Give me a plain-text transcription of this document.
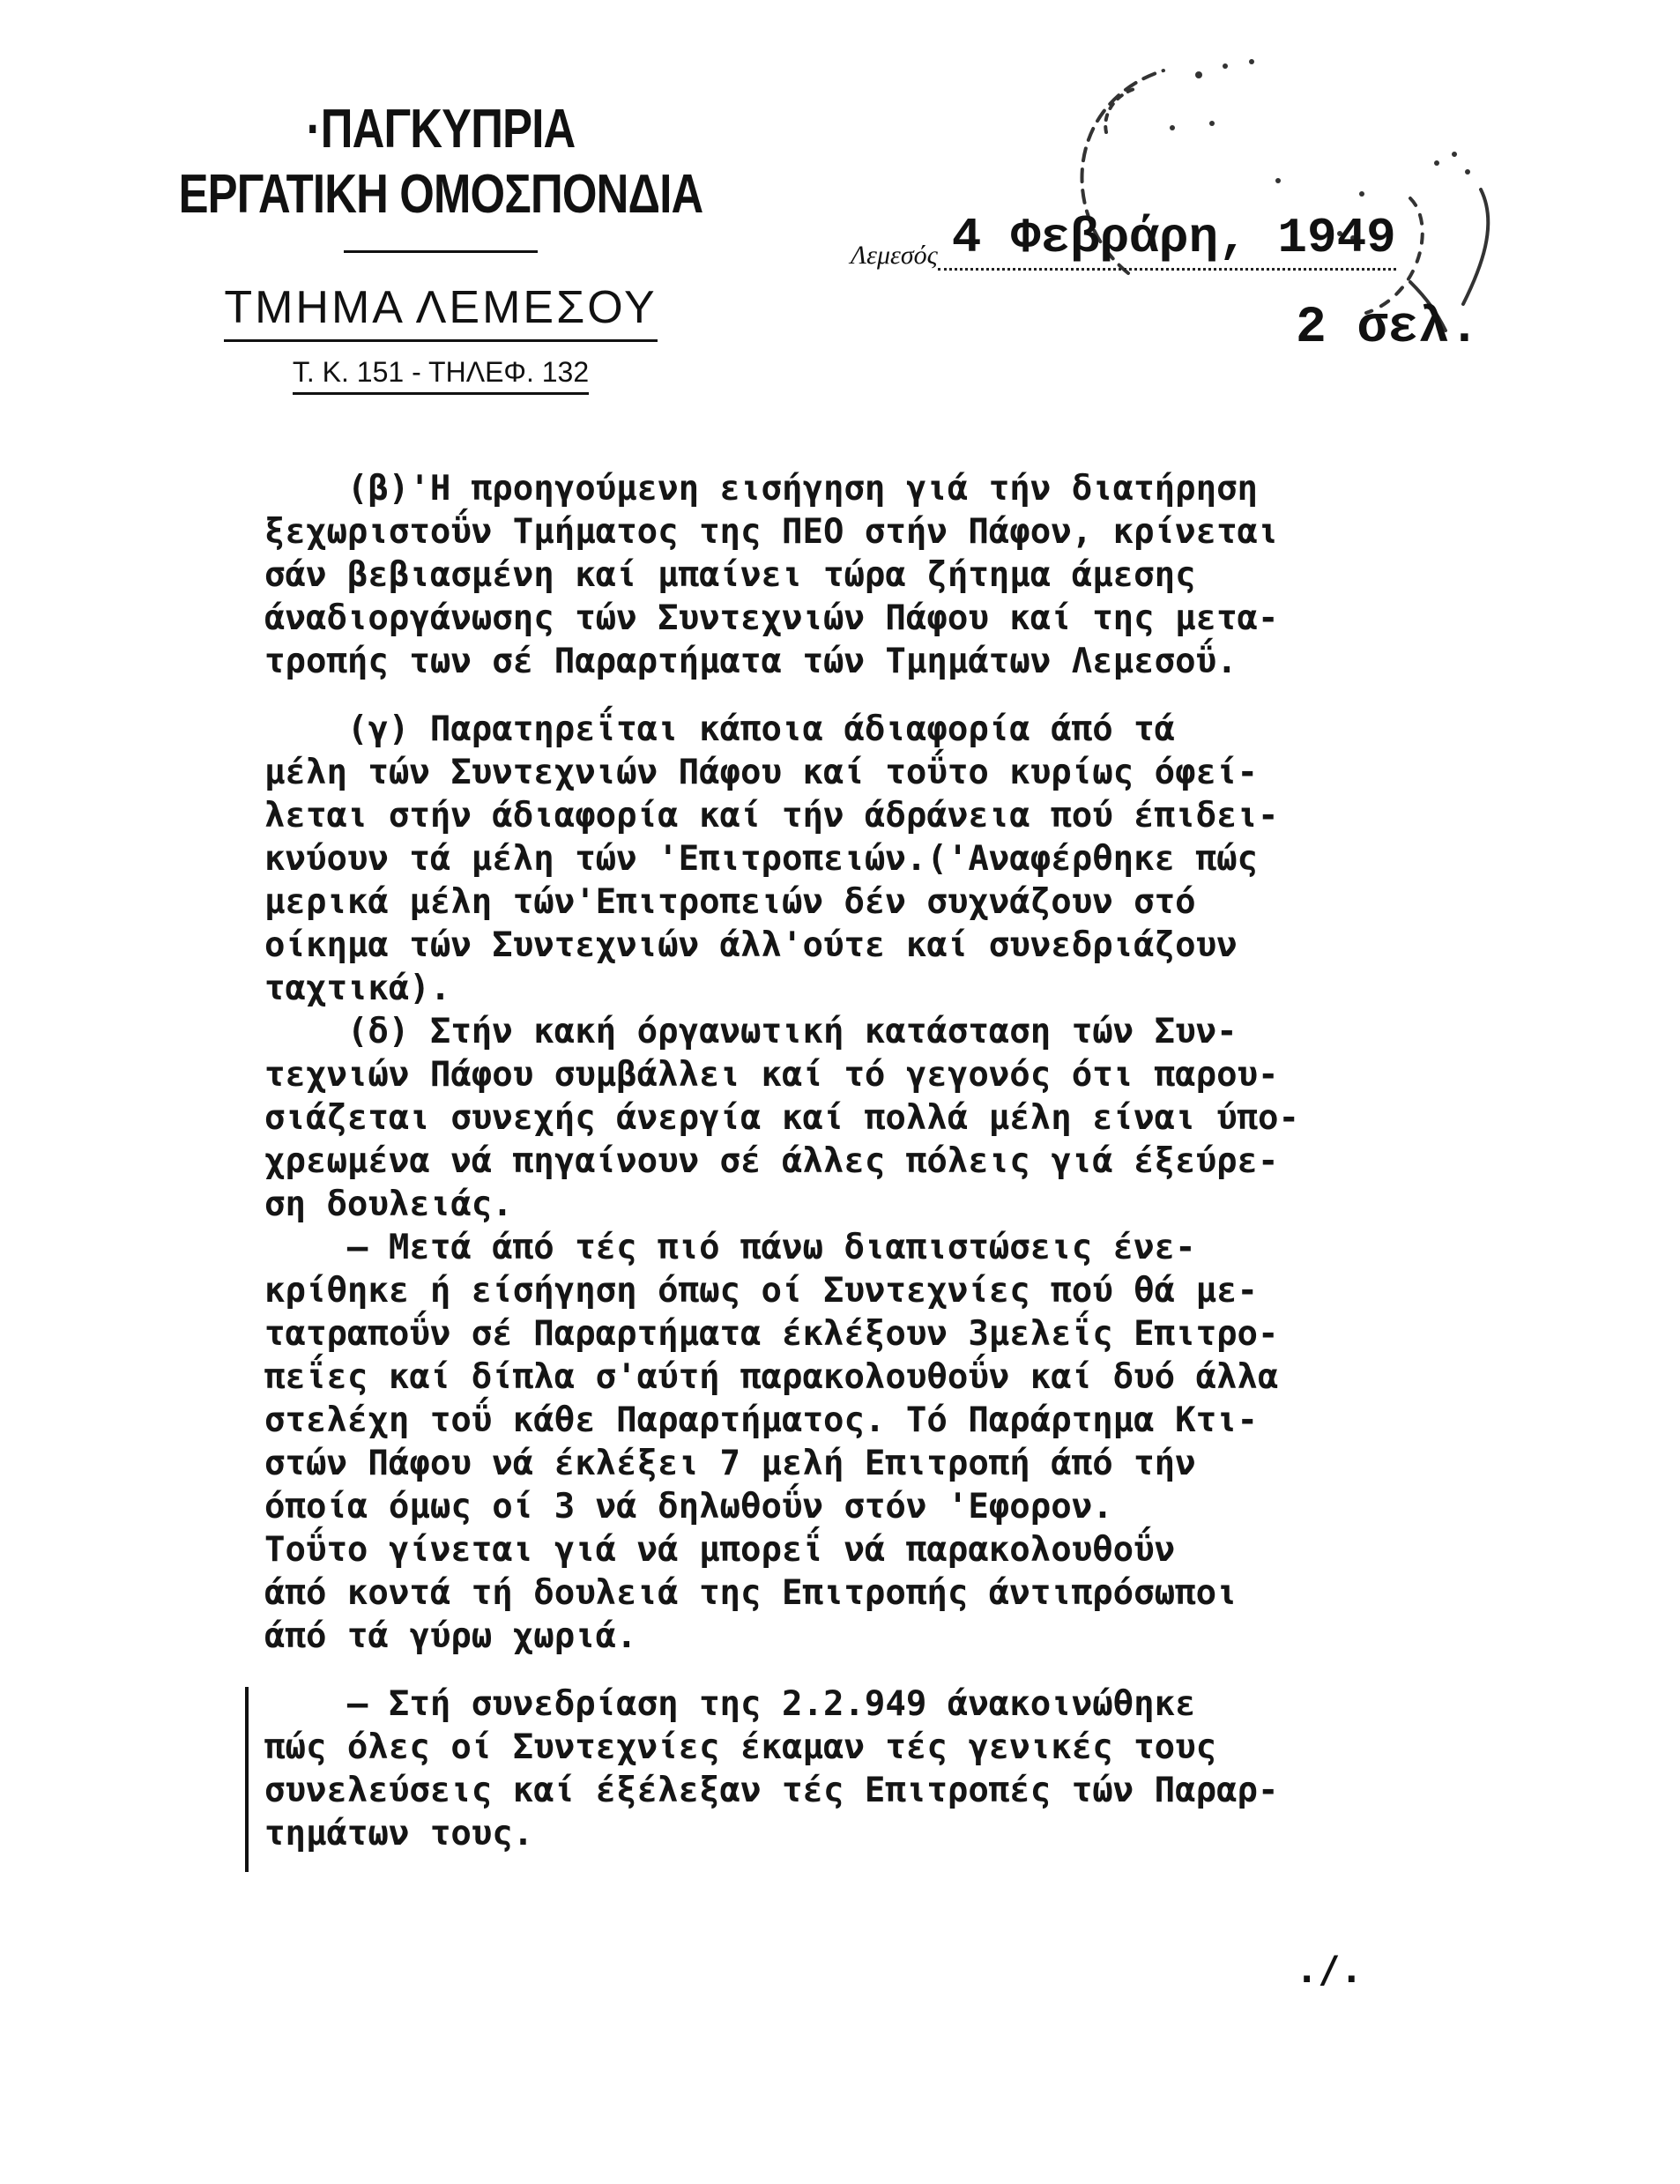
·ΠΑΓΚΥΠΡΙΑ
ΕΡΓΑΤΙΚΗ ΟΜΟΣΠΟΝΔΙΑ
ΤΜΗΜΑ ΛΕΜΕΣΟΥ
Τ. Κ. 151 - ΤΗΛΕΦ. 132
Λεμεσός 4 Φεβράρη, 1949
2 σελ.
(β)'Η προηγούμενη εισήγηση γιά τήν διατήρηση
ξεχωριστοΰν Τμήματος της ΠΕΟ στήν Πάφον, κρίνεται
σάν βεβιασμένη καί μπαίνει τώρα ζήτημα άμεσης
άναδιοργάνωσης τών Συντεχνιών Πάφου καί της μετα-
τροπής των σέ Παραρτήματα τών Τμημάτων Λεμεσοΰ.
(γ) Παρατηρεΐται κάποια άδιαφορία άπό τά
μέλη τών Συντεχνιών Πάφου καί τοΰτο κυρίως όφεί-
λεται στήν άδιαφορία καί τήν άδράνεια πού έπιδει-
κνύουν τά μέλη τών 'Επιτροπειών.('Αναφέρθηκε πώς
μερικά μέλη τών'Επιτροπειών δέν συχνάζουν στό
οίκημα τών Συντεχνιών άλλ'ούτε καί συνεδριάζουν
ταχτικά).
(δ) Στήν κακή όργανωτική κατάσταση τών Συν-
τεχνιών Πάφου συμβάλλει καί τό γεγονός ότι παρου-
σιάζεται συνεχής άνεργία καί πολλά μέλη είναι ύπο-
χρεωμένα νά πηγαίνουν σέ άλλες πόλεις γιά έξεύρε-
ση δουλειάς.
— Μετά άπό τές πιό πάνω διαπιστώσεις ένε-
κρίθηκε ή είσήγηση όπως οί Συντεχνίες πού θά με-
τατραποΰν σέ Παραρτήματα έκλέξουν 3μελεΐς Επιτρο-
πεΐες καί δίπλα σ'αύτή παρακολουθοΰν καί δυό άλλα
στελέχη τοΰ κάθε Παραρτήματος. Τό Παράρτημα Κτι-
στών Πάφου νά έκλέξει 7 μελή Επιτροπή άπό τήν
όποία όμως οί 3 νά δηλωθοΰν στόν 'Εφορον.
Τοΰτο γίνεται γιά νά μπορεΐ νά παρακολουθοΰν
άπό κοντά τή δουλειά της Επιτροπής άντιπρόσωποι
άπό τά γύρω χωριά.
— Στή συνεδρίαση της 2.2.949 άνακοινώθηκε
πώς όλες οί Συντεχνίες έκαμαν τές γενικές τους
συνελεύσεις καί έξέλεξαν τές Επιτροπές τών Παραρ-
τημάτων τους.
./.
